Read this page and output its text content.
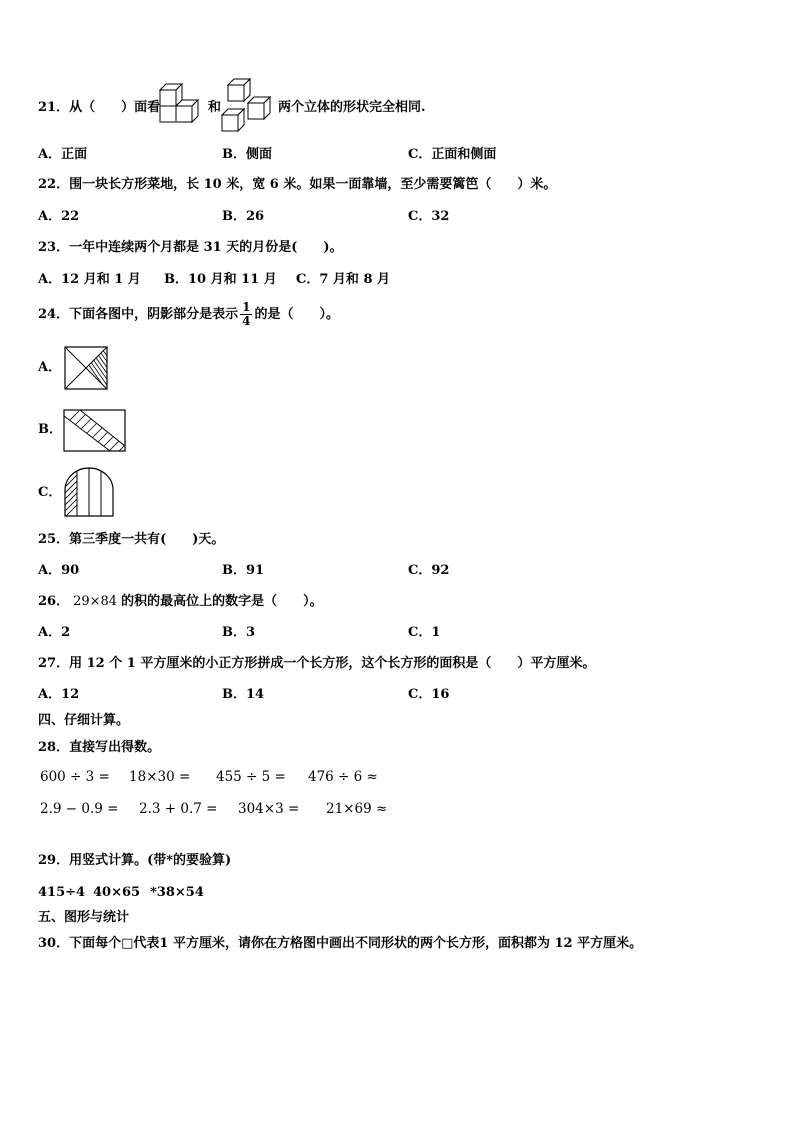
21．从（　　）面看	和	两个立体的形状完全相同.
A．正面	B．侧面	C．正面和侧面
22．围一块长方形菜地，长 10 米，宽 6 米。如果一面靠墙，至少需要篱笆（　　）米。
A．22	B．26	C．32
23．一年中连续两个月都是 31 天的月份是(　　)。
A．12 月和 1 月 B．10 月和 11 月 C．7 月和 8 月
24．下面各图中，阴影部分是表示 $\frac{1}{4}$ 的是（　　）。
A．
B．
C．
25．第三季度一共有(　　)天。
A．90	B．91	C．92
26． 29×84 的积的最高位上的数字是（　　）。
A．2	B．3	C．1
27．用 12 个 1 平方厘米的小正方形拼成一个长方形，这个长方形的面积是（　　）平方厘米。
A．12	B．14	C．16
四、仔细计算。
28．直接写出得数。
600 ÷ 3 = 18×30 = 455 ÷ 5 = 476 ÷ 6 ≈
2.9 − 0.9 = 2.3 + 0.7 = 304×3 = 21×69 ≈
29．用竖式计算。(带*的要验算)
415÷4 40×65 *38×54
五、图形与统计
30．下面每个□代表1 平方厘米，请你在方格图中画出不同形状的两个长方形，面积都为 12 平方厘米。
